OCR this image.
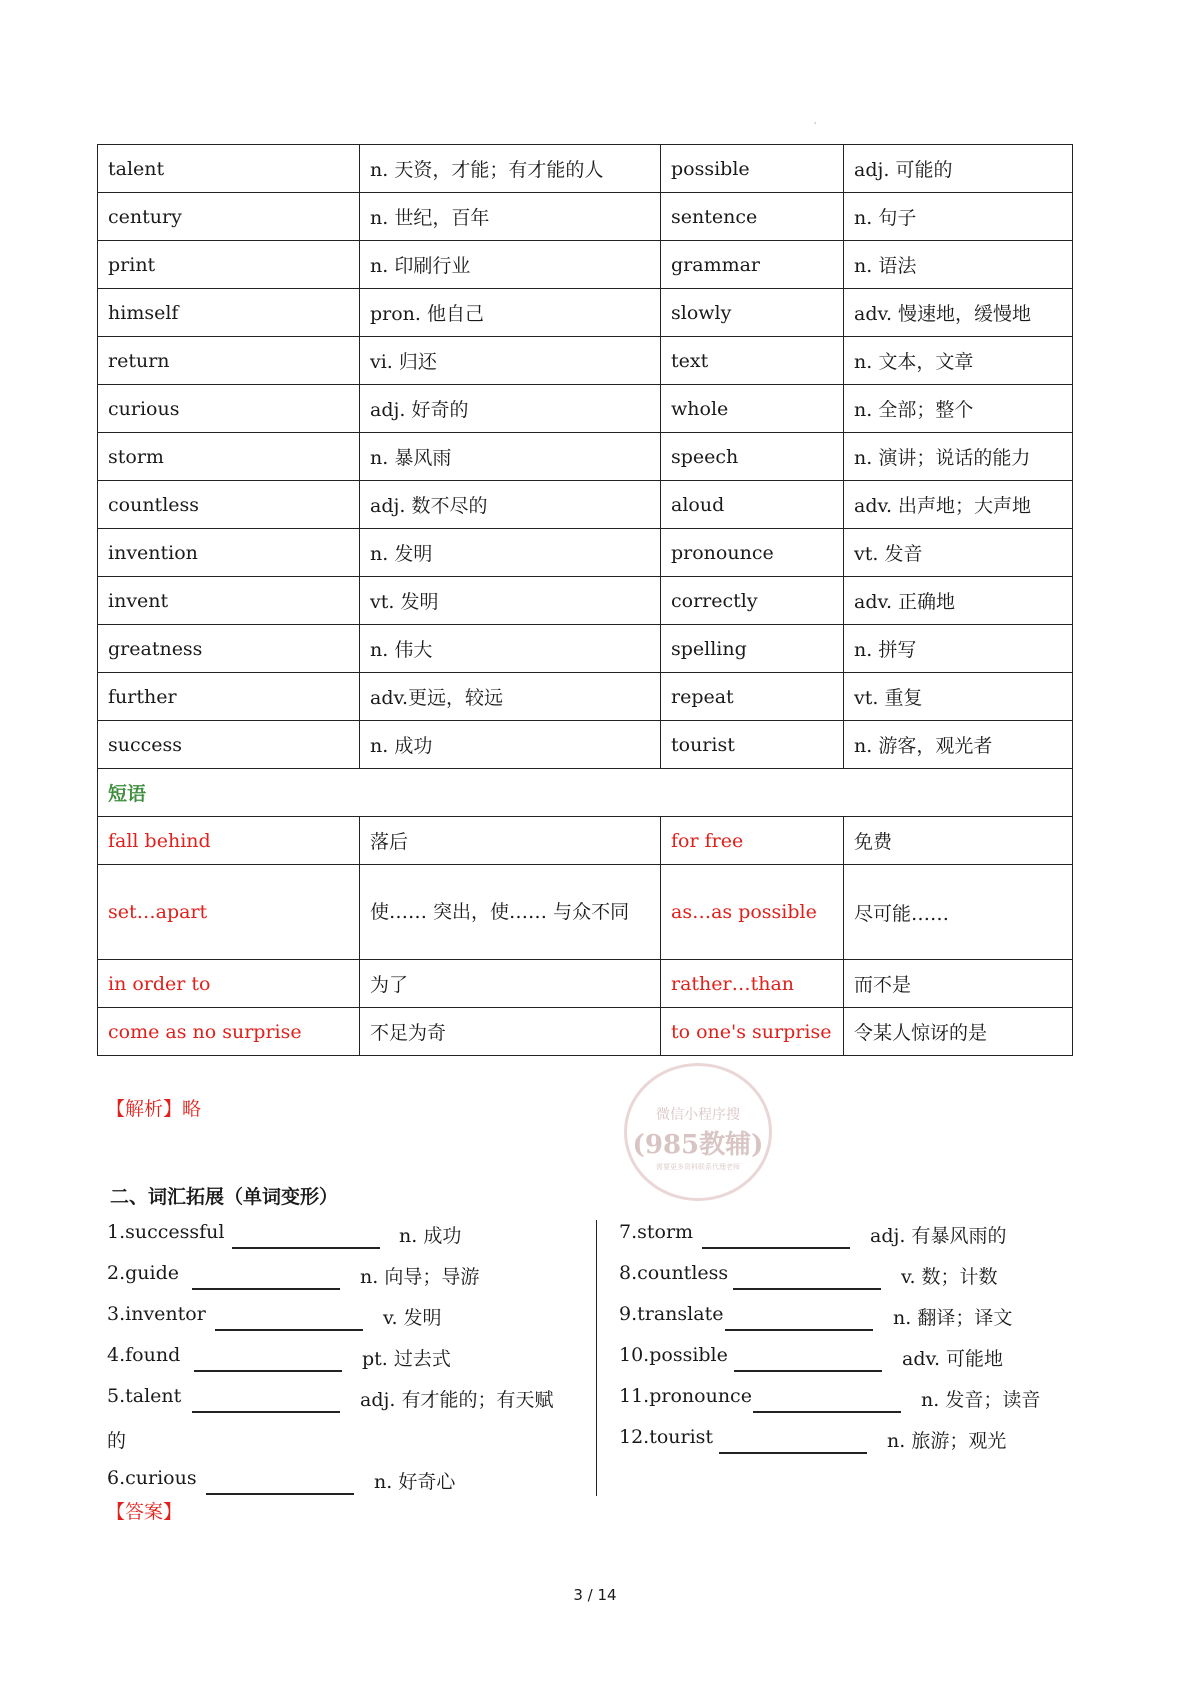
'
talent	n. 天资，才能；有才能的人	possible	adj. 可能的
century	n. 世纪，百年	sentence	n. 句子
print	n. 印刷行业	grammar	n. 语法
himself	pron. 他自己	slowly	adv. 慢速地，缓慢地
return	vi. 归还	text	n. 文本，文章
curious	adj. 好奇的	whole	n. 全部；整个
storm	n. 暴风雨	speech	n. 演讲；说话的能力
countless	adj. 数不尽的	aloud	adv. 出声地；大声地
invention	n. 发明	pronounce	vt. 发音
invent	vt. 发明	correctly	adv. 正确地
greatness	n. 伟大	spelling	n. 拼写
further	adv.更远，较远	repeat	vt. 重复
success	n. 成功	tourist	n. 游客，观光者
短语			
fall behind	落后	for free	免费
set…apart	使…… 突出，使…… 与众不同	as…as possible	尽可能……
in order to	为了	rather…than	而不是
come as no surprise	不足为奇	to one's surprise	令某人惊讶的是
【解析】略	微信小程序搜
(985教辅)
需要更多资料联系代理老师
二、词汇拓展（单词变形）
1.successful	n. 成功
2.guide	n. 向导；导游
3.inventor	v. 发明
4.found	pt. 过去式
5.talent	adj. 有才能的；有天赋
的
6.curious	n. 好奇心
7.storm	adj. 有暴风雨的
8.countless	v. 数；计数
9.translate	n. 翻译；译文
10.possible	adv. 可能地
11.pronounce	n. 发音；读音
12.tourist	n. 旅游；观光
【答案】
3 / 14
